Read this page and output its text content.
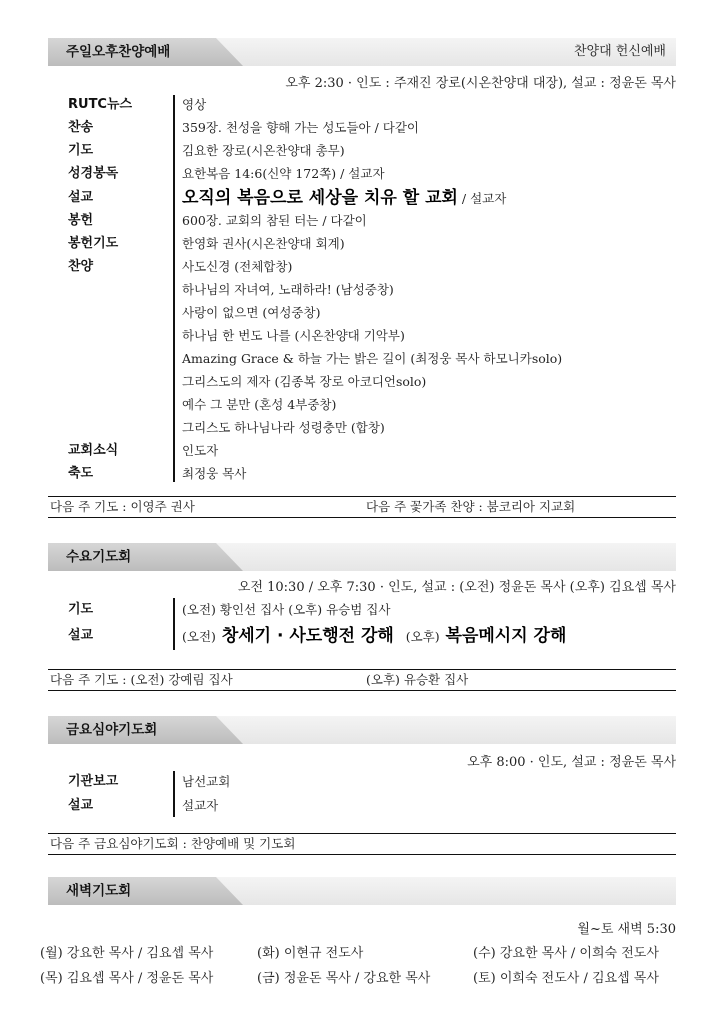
주일오후찬양예배	찬양대 헌신예배
오후 2:30 · 인도 : 주재진 장로(시온찬양대 대장), 설교 : 정윤돈 목사
RUTC뉴스	영상
찬송	359장. 천성을 향해 가는 성도들아 / 다같이
기도	김요한 장로(시온찬양대 총무)
성경봉독	요한복음 14:6(신약 172쪽) / 설교자
설교	오직의 복음으로 세상을 치유 할 교회 / 설교자
봉헌	600장. 교회의 참된 터는 / 다같이
봉헌기도	한영화 권사(시온찬양대 회계)
찬양	사도신경 (전체합창)
하나님의 자녀여, 노래하라! (남성중창)
사랑이 없으면 (여성중창)
하나님 한 번도 나를 (시온찬양대 기악부)
Amazing Grace & 하늘 가는 밝은 길이 (최정웅 목사 하모니카solo)
그리스도의 제자 (김종복 장로 아코디언solo)
예수 그 분만 (혼성 4부중창)
그리스도 하나님나라 성령충만 (합창)
교회소식	인도자
축도	최정웅 목사
다음 주 기도 : 이영주 권사	다음 주 꽃가족 찬양 : 붐코리아 지교회
수요기도회
오전 10:30 / 오후 7:30 · 인도, 설교 : (오전) 정윤돈 목사 (오후) 김요셉 목사
기도	(오전) 황인선 집사 (오후) 유승범 집사
설교	(오전) 창세기 · 사도행전 강해 (오후) 복음메시지 강해
다음 주 기도 : (오전) 강예림 집사	(오후) 유승환 집사
금요심야기도회
오후 8:00 · 인도, 설교 : 정윤돈 목사
기관보고	남선교회
설교	설교자
다음 주 금요심야기도회 : 찬양예배 및 기도회
새벽기도회
월~토 새벽 5:30
(월) 강요한 목사 / 김요셉 목사	(화) 이현규 전도사	(수) 강요한 목사 / 이희숙 전도사
(목) 김요셉 목사 / 정윤돈 목사	(금) 정윤돈 목사 / 강요한 목사	(토) 이희숙 전도사 / 김요셉 목사
